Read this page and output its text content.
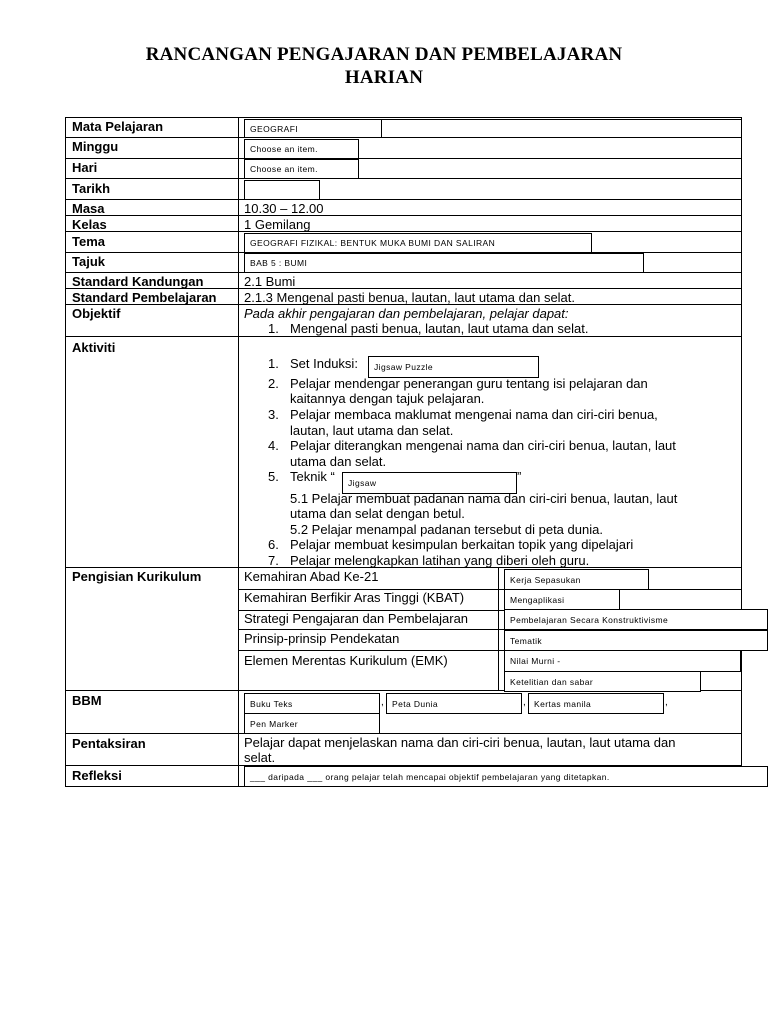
RANCANGAN PENGAJARAN DAN PEMBELAJARAN
HARIAN
Mata Pelajaran	GEOGRAFI
Minggu	Choose an item.
Hari	Choose an item.
Tarikh
Masa	10.30 – 12.00
Kelas	1 Gemilang
Tema	GEOGRAFI FIZIKAL: BENTUK MUKA BUMI DAN SALIRAN
Tajuk	BAB 5 : BUMI
Standard Kandungan	2.1 Bumi
Standard Pembelajaran 2.1.3 Mengenal pasti benua, lautan, laut utama dan selat.
Objektif	Pada akhir pengajaran dan pembelajaran, pelajar dapat:
1. Mengenal pasti benua, lautan, laut utama dan selat.
Aktiviti
1. Set Induksi:	Jigsaw Puzzle
2. Pelajar mendengar penerangan guru tentang isi pelajaran dan
kaitannya dengan tajuk pelajaran.
3. Pelajar membaca maklumat mengenai nama dan ciri-ciri benua,
lautan, laut utama dan selat.
4. Pelajar diterangkan mengenai nama dan ciri-ciri benua, lautan, laut
utama dan selat.
5. Teknik “	Jigsaw	”
5.1 Pelajar membuat padanan nama dan ciri-ciri benua, lautan, laut
utama dan selat dengan betul.
5.2 Pelajar menampal padanan tersebut di peta dunia.
6. Pelajar membuat kesimpulan berkaitan topik yang dipelajari
7. Pelajar melengkapkan latihan yang diberi oleh guru.
Pengisian Kurikulum	Kemahiran Abad Ke-21	Kerja Sepasukan
Kemahiran Berfikir Aras Tinggi (KBAT)	Mengaplikasi
Strategi Pengajaran dan Pembelajaran	Pembelajaran Secara Konstruktivisme
Prinsip-prinsip Pendekatan	Tematik
Elemen Merentas Kurikulum (EMK)	Nilai Murni -
Ketelitian dan sabar
BBM	Buku Teks	, Peta Dunia	, Kertas manila	,
Pen Marker
Pentaksiran	Pelajar dapat menjelaskan nama dan ciri-ciri benua, lautan, laut utama dan
selat.
Refleksi	___ daripada ___ orang pelajar telah mencapai objektif pembelajaran yang ditetapkan.
